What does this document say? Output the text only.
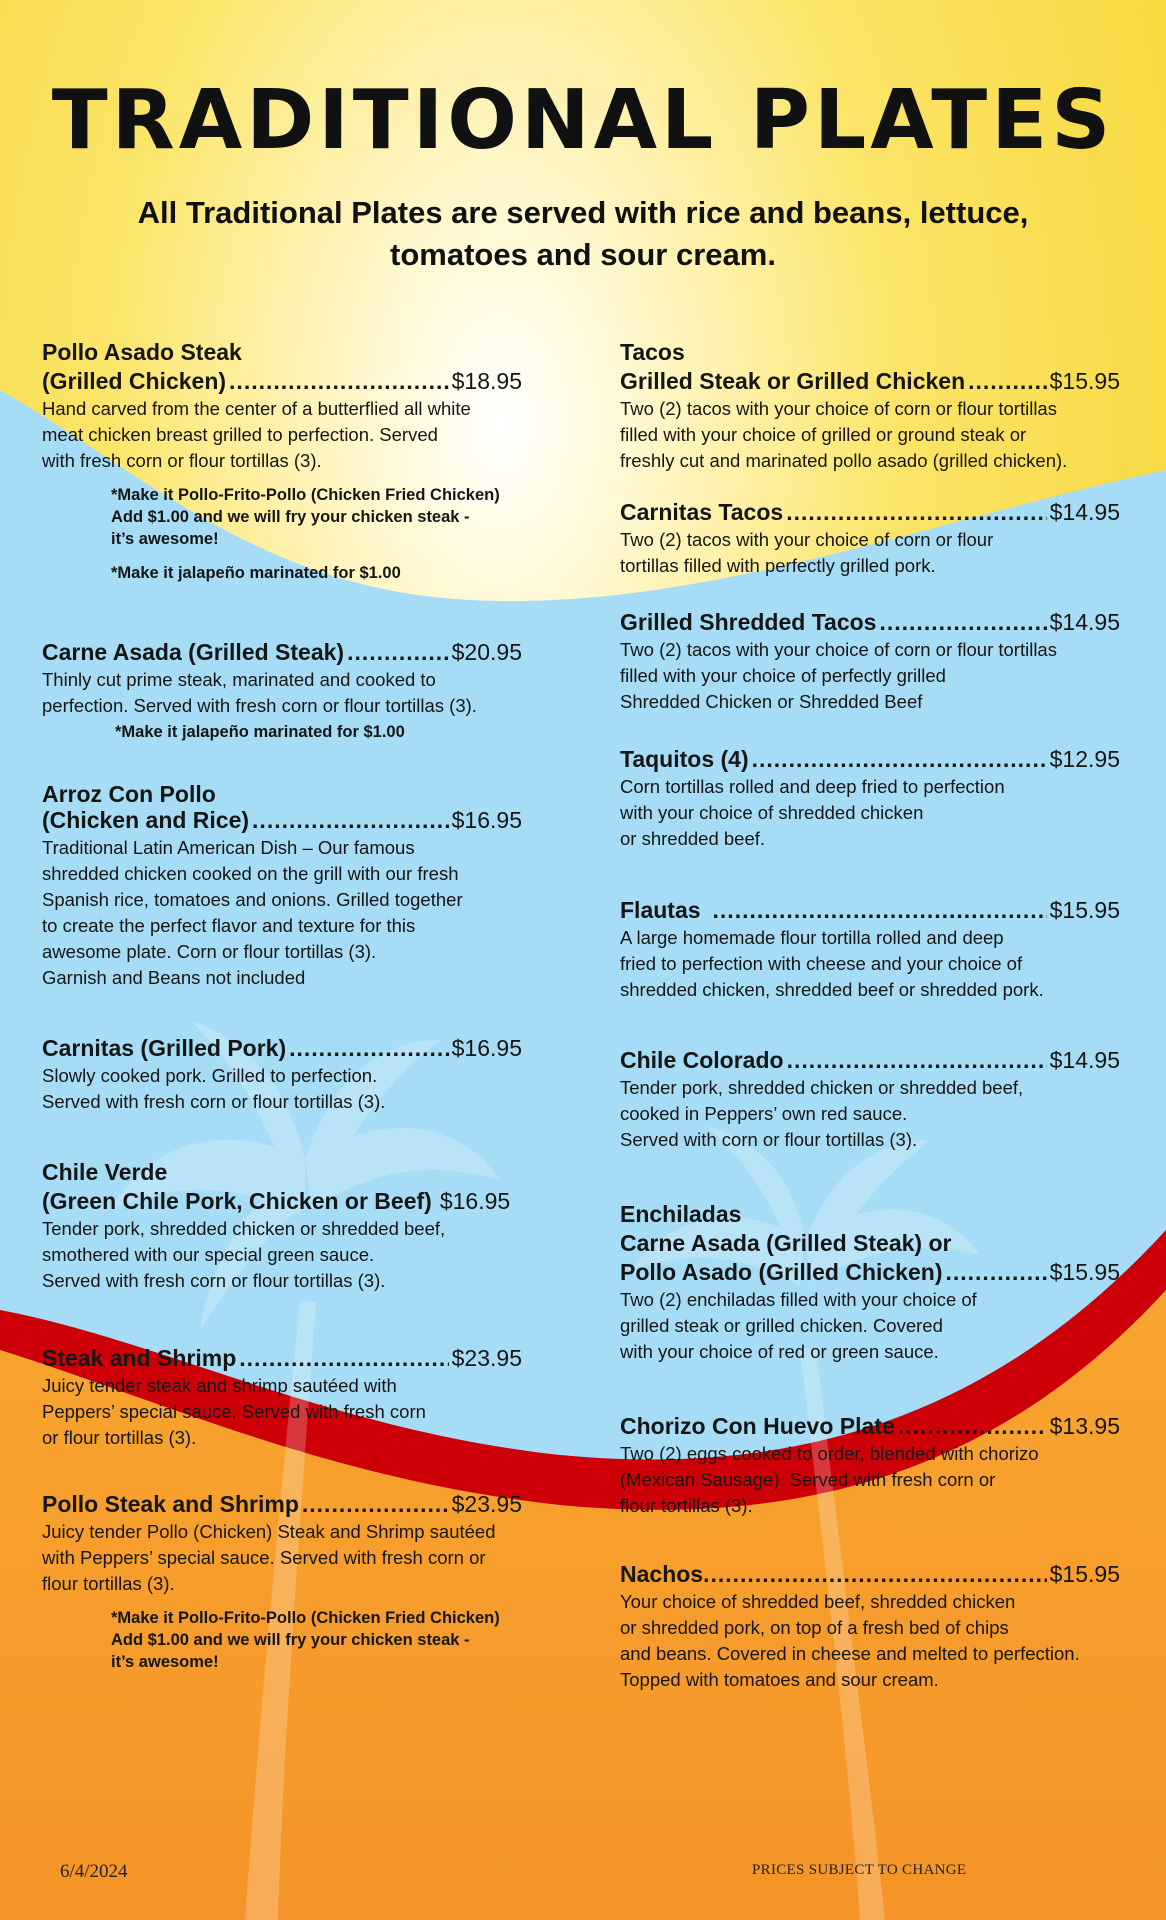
TRADITIONAL PLATES
All Traditional Plates are served with rice and beans, lettuce, tomatoes and sour cream.
Pollo Asado Steak
(Grilled Chicken) .....	$18.95

Hand carved from the center of a butterflied all white
meat chicken breast grilled to perfection. Served
with fresh corn or flour tortillas (3).

*Make it Pollo-Frito-Pollo (Chicken Fried Chicken)
Add $1.00 and we will fry your chicken steak -
it’s awesome!

*Make it jalapeño marinated for $1.00

Carne Asada (Grilled Steak) .....	$20.95

Thinly cut prime steak, marinated and cooked to
perfection. Served with fresh corn or flour tortillas (3).

*Make it jalapeño marinated for $1.00

Arroz Con Pollo
(Chicken and Rice) .....	$16.95

Traditional Latin American Dish – Our famous
shredded chicken cooked on the grill with our fresh
Spanish rice, tomatoes and onions. Grilled together
to create the perfect flavor and texture for this
awesome plate. Corn or flour tortillas (3).
Garnish and Beans not included

Carnitas (Grilled Pork) .....	$16.95

Slowly cooked pork. Grilled to perfection.
Served with fresh corn or flour tortillas (3).

Chile Verde
(Green Chile Pork, Chicken or Beef) $16.95

Tender pork, shredded chicken or shredded beef,
smothered with our special green sauce.
Served with fresh corn or flour tortillas (3).

Steak and Shrimp .....	$23.95

Juicy tender steak and shrimp sautéed with
Peppers’ special sauce. Served with fresh corn
or flour tortillas (3).

Pollo Steak and Shrimp .....	$23.95

Juicy tender Pollo (Chicken) Steak and Shrimp sautéed
with Peppers’ special sauce. Served with fresh corn or
flour tortillas (3).

*Make it Pollo-Frito-Pollo (Chicken Fried Chicken)
Add $1.00 and we will fry your chicken steak -
it’s awesome!

Tacos
Grilled Steak or Grilled Chicken .....	$15.95

Two (2) tacos with your choice of corn or flour tortillas
filled with your choice of grilled or ground steak or
freshly cut and marinated pollo asado (grilled chicken).

Carnitas Tacos .....	$14.95

Two (2) tacos with your choice of corn or flour
tortillas filled with perfectly grilled pork.

Grilled Shredded Tacos .....	$14.95

Two (2) tacos with your choice of corn or flour tortillas
filled with your choice of perfectly grilled
Shredded Chicken or Shredded Beef

Taquitos (4) .....	$12.95

Corn tortillas rolled and deep fried to perfection
with your choice of shredded chicken
or shredded beef.

Flautas .....	$15.95

A large homemade flour tortilla rolled and deep
fried to perfection with cheese and your choice of
shredded chicken, shredded beef or shredded pork.

Chile Colorado .....	$14.95

Tender pork, shredded chicken or shredded beef,
cooked in Peppers’ own red sauce.
Served with corn or flour tortillas (3).

Enchiladas
Carne Asada (Grilled Steak) or
Pollo Asado (Grilled Chicken) .....	$15.95

Two (2) enchiladas filled with your choice of
grilled steak or grilled chicken. Covered
with your choice of red or green sauce.

Chorizo Con Huevo Plate .....	$13.95

Two (2) eggs cooked to order, blended with chorizo
(Mexican Sausage). Served with fresh corn or
flour tortillas (3).

Nachos .....	$15.95

Your choice of shredded beef, shredded chicken
or shredded pork, on top of a fresh bed of chips
and beans. Covered in cheese and melted to perfection.
Topped with tomatoes and sour cream.

6/4/2024	PRICES SUBJECT TO CHANGE
